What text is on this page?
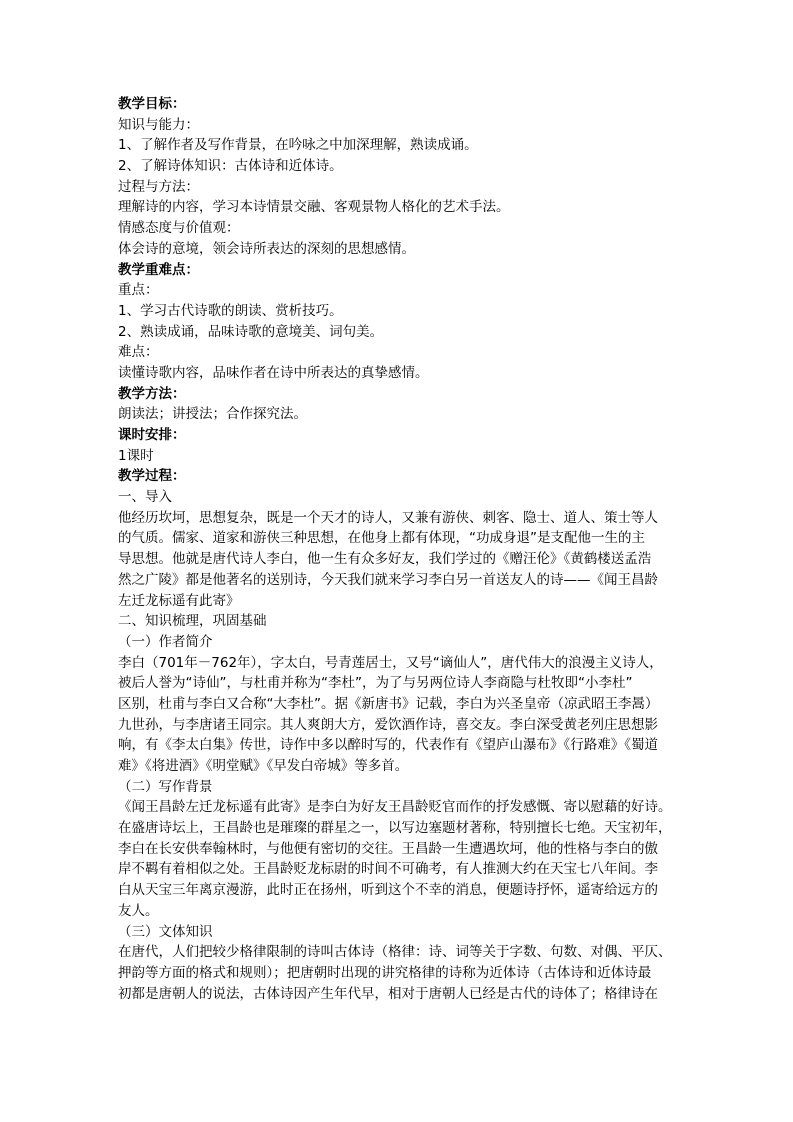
教学目标：
知识与能力：
1、了解作者及写作背景，在吟咏之中加深理解，熟读成诵。
2、了解诗体知识：古体诗和近体诗。
过程与方法：
理解诗的内容，学习本诗情景交融、客观景物人格化的艺术手法。
情感态度与价值观：
体会诗的意境，领会诗所表达的深刻的思想感情。
教学重难点：
重点：
1、学习古代诗歌的朗读、赏析技巧。
2、熟读成诵，品味诗歌的意境美、词句美。
难点：
读懂诗歌内容，品味作者在诗中所表达的真挚感情。
教学方法：
朗读法；讲授法；合作探究法。
课时安排：
1课时
教学过程：
一、导入
他经历坎坷，思想复杂，既是一个天才的诗人，又兼有游侠、刺客、隐士、道人、策士等人
的气质。儒家、道家和游侠三种思想，在他身上都有体现，“功成身退”是支配他一生的主
导思想。他就是唐代诗人李白，他一生有众多好友，我们学过的《赠汪伦》《黄鹤楼送孟浩
然之广陵》都是他著名的送别诗，今天我们就来学习李白另一首送友人的诗——《闻王昌龄
左迁龙标遥有此寄》
二、知识梳理，巩固基础
（一）作者简介
李白（701年－762年），字太白，号青莲居士，又号“谪仙人”，唐代伟大的浪漫主义诗人，
被后人誉为“诗仙”，与杜甫并称为“李杜”，为了与另两位诗人李商隐与杜牧即“小李杜”
区别，杜甫与李白又合称“大李杜”。据《新唐书》记载，李白为兴圣皇帝（凉武昭王李暠）
九世孙，与李唐诸王同宗。其人爽朗大方，爱饮酒作诗，喜交友。李白深受黄老列庄思想影
响，有《李太白集》传世，诗作中多以醉时写的，代表作有《望庐山瀑布》《行路难》《蜀道
难》《将进酒》《明堂赋》《早发白帝城》等多首。
（二）写作背景
《闻王昌龄左迁龙标遥有此寄》是李白为好友王昌龄贬官而作的抒发感慨、寄以慰藉的好诗。
在盛唐诗坛上，王昌龄也是璀璨的群星之一，以写边塞题材著称，特别擅长七绝。天宝初年，
李白在长安供奉翰林时，与他便有密切的交往。王昌龄一生遭遇坎坷，他的性格与李白的傲
岸不羁有着相似之处。王昌龄贬龙标尉的时间不可确考，有人推测大约在天宝七八年间。李
白从天宝三年离京漫游，此时正在扬州，听到这个不幸的消息，便题诗抒怀，遥寄给远方的
友人。
（三）文体知识
在唐代，人们把较少格律限制的诗叫古体诗（格律：诗、词等关于字数、句数、对偶、平仄、
押韵等方面的格式和规则）；把唐朝时出现的讲究格律的诗称为近体诗（古体诗和近体诗最
初都是唐朝人的说法，古体诗因产生年代早，相对于唐朝人已经是古代的诗体了；格律诗在
